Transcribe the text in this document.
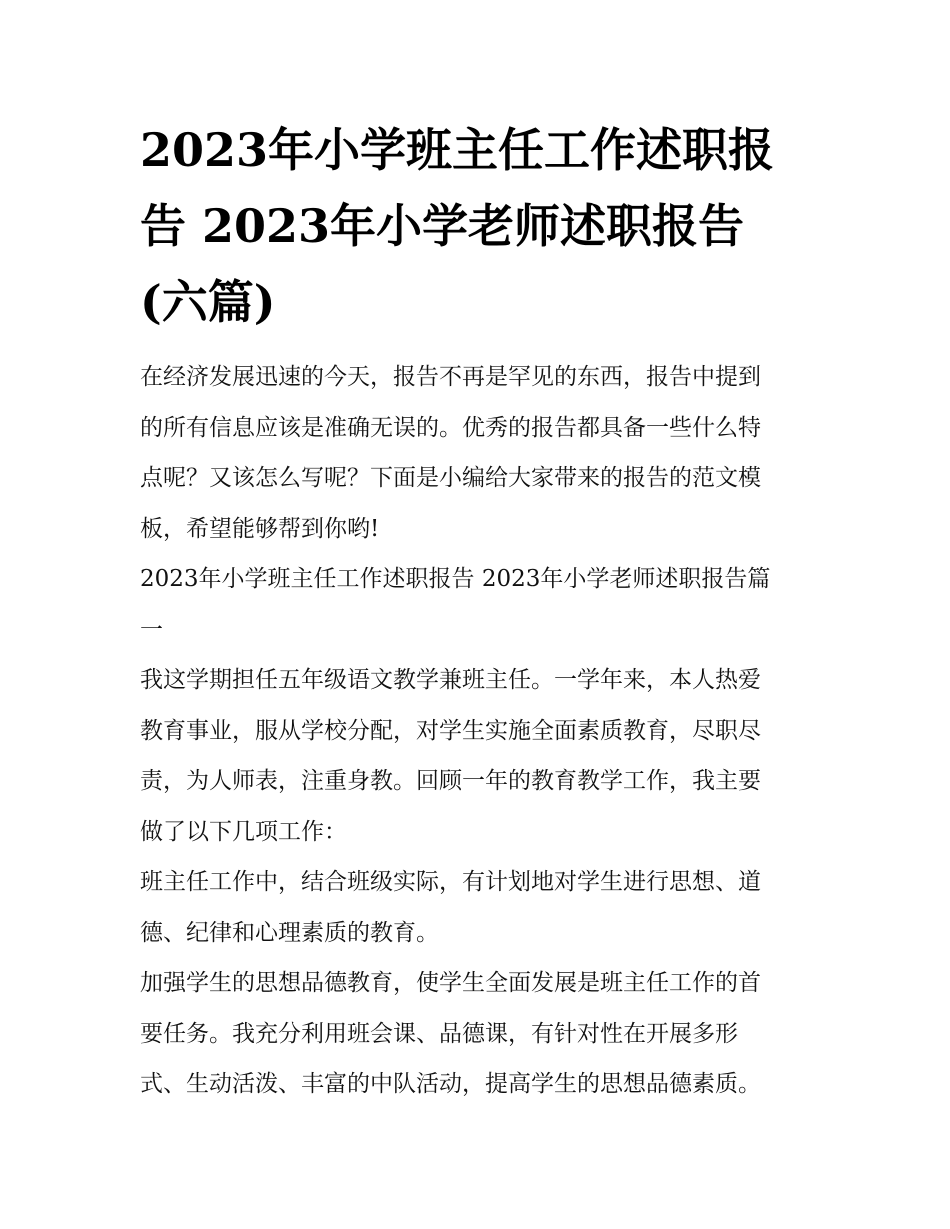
2023年小学班主任工作述职报
告 2023年小学老师述职报告
(六篇)

在经济发展迅速的今天，报告不再是罕见的东西，报告中提到
的所有信息应该是准确无误的。优秀的报告都具备一些什么特
点呢？又该怎么写呢？下面是小编给大家带来的报告的范文模
板，希望能够帮到你哟!

2023年小学班主任工作述职报告 2023年小学老师述职报告篇
一

我这学期担任五年级语文教学兼班主任。一学年来，本人热爱
教育事业，服从学校分配，对学生实施全面素质教育，尽职尽
责，为人师表，注重身教。回顾一年的教育教学工作，我主要
做了以下几项工作：

班主任工作中，结合班级实际，有计划地对学生进行思想、道
德、纪律和心理素质的教育。

加强学生的思想品德教育，使学生全面发展是班主任工作的首
要任务。我充分利用班会课、品德课，有针对性在开展多形
式、生动活泼、丰富的中队活动，提高学生的思想品德素质。
